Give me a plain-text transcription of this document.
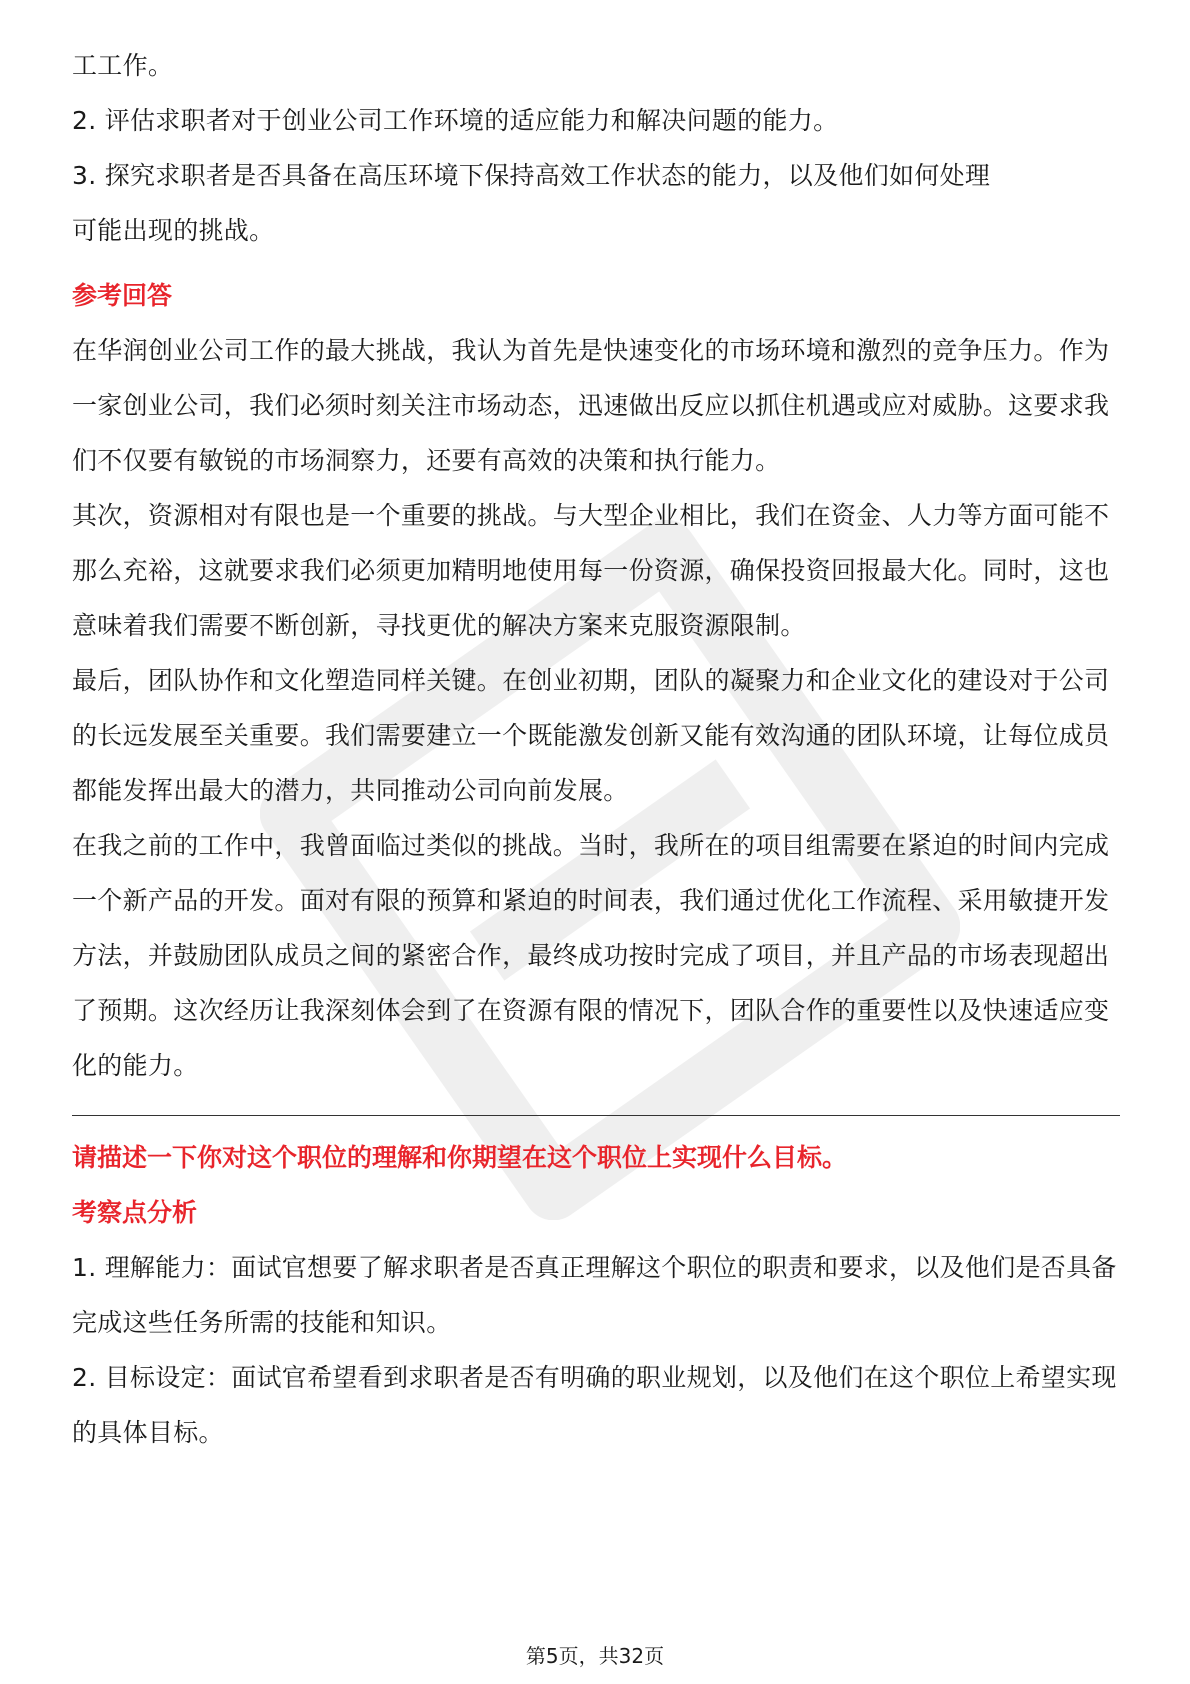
工工作。

2. 评估求职者对于创业公司工作环境的适应能力和解决问题的能力。

3. 探究求职者是否具备在高压环境下保持高效工作状态的能力，以及他们如何处理

可能出现的挑战。

参考回答

在华润创业公司工作的最大挑战，我认为首先是快速变化的市场环境和激烈的竞争压力。作为一家创业公司，我们必须时刻关注市场动态，迅速做出反应以抓住机遇或应对威胁。这要求我们不仅要有敏锐的市场洞察力，还要有高效的决策和执行能力。

其次，资源相对有限也是一个重要的挑战。与大型企业相比，我们在资金、人力等方面可能不那么充裕，这就要求我们必须更加精明地使用每一份资源，确保投资回报最大化。同时，这也意味着我们需要不断创新，寻找更优的解决方案来克服资源限制。

最后，团队协作和文化塑造同样关键。在创业初期，团队的凝聚力和企业文化的建设对于公司的长远发展至关重要。我们需要建立一个既能激发创新又能有效沟通的团队环境，让每位成员都能发挥出最大的潜力，共同推动公司向前发展。

在我之前的工作中，我曾面临过类似的挑战。当时，我所在的项目组需要在紧迫的时间内完成一个新产品的开发。面对有限的预算和紧迫的时间表，我们通过优化工作流程、采用敏捷开发方法，并鼓励团队成员之间的紧密合作，最终成功按时完成了项目，并且产品的市场表现超出了预期。这次经历让我深刻体会到了在资源有限的情况下，团队合作的重要性以及快速适应变化的能力。

请描述一下你对这个职位的理解和你期望在这个职位上实现什么目标。

考察点分析

1. 理解能力：面试官想要了解求职者是否真正理解这个职位的职责和要求，以及他们是否具备完成这些任务所需的技能和知识。

2. 目标设定：面试官希望看到求职者是否有明确的职业规划，以及他们在这个职位上希望实现的具体目标。

第5页，共32页
